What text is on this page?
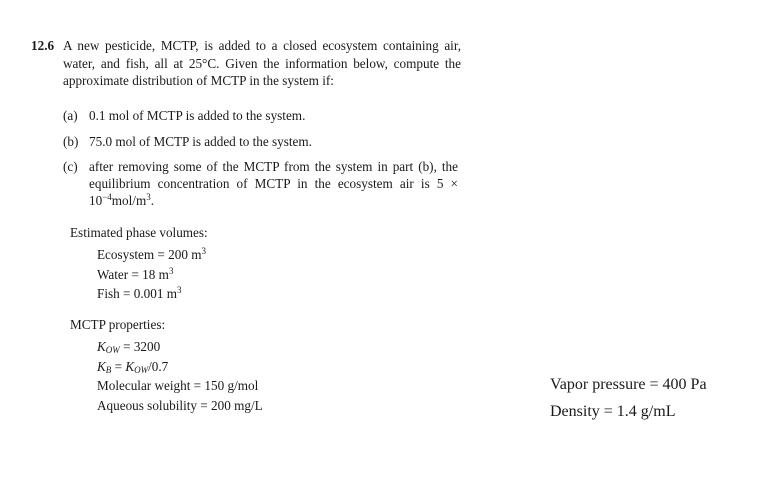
12.6 A new pesticide, MCTP, is added to a closed ecosystem containing air, water, and fish, all at 25°C. Given the information below, compute the approximate distribution of MCTP in the system if:
(a) 0.1 mol of MCTP is added to the system.
(b) 75.0 mol of MCTP is added to the system.
(c) after removing some of the MCTP from the system in part (b), the equilibrium concentration of MCTP in the ecosystem air is $5 \times 10^{-4}mol/m^3$.
Estimated phase volumes:
Ecosystem = 200 $m^3$
Water = 18 $m^3$
Fish = 0.001 $m^3$
MCTP properties:
$K_{OW} = 3200$
$K_B = K_{OW}/0.7$
Molecular weight = 150 g/mol
Aqueous solubility = 200 mg/L
Vapor pressure = 400 Pa
Density = 1.4 g/mL
